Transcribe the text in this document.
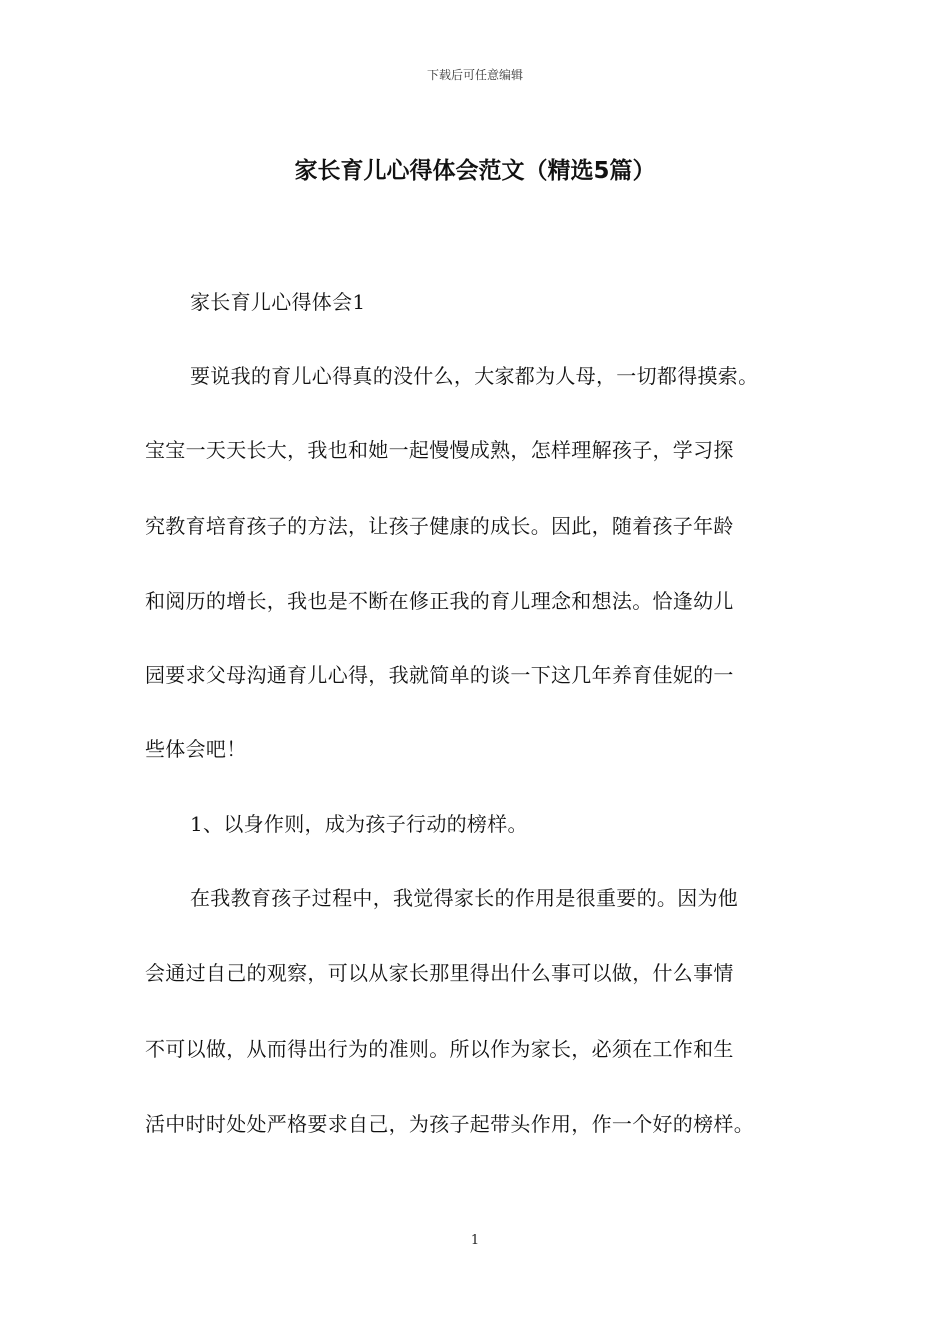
下载后可任意编辑
家长育儿心得体会范文（精选5篇）
家长育儿心得体会1
要说我的育儿心得真的没什么，大家都为人母，一切都得摸索。
宝宝一天天长大，我也和她一起慢慢成熟，怎样理解孩子，学习探
究教育培育孩子的方法，让孩子健康的成长。因此，随着孩子年龄
和阅历的增长，我也是不断在修正我的育儿理念和想法。恰逢幼儿
园要求父母沟通育儿心得，我就简单的谈一下这几年养育佳妮的一
些体会吧！
1、以身作则，成为孩子行动的榜样。
在我教育孩子过程中，我觉得家长的作用是很重要的。因为他
会通过自己的观察，可以从家长那里得出什么事可以做，什么事情
不可以做，从而得出行为的准则。所以作为家长，必须在工作和生
活中时时处处严格要求自己，为孩子起带头作用，作一个好的榜样。
1
